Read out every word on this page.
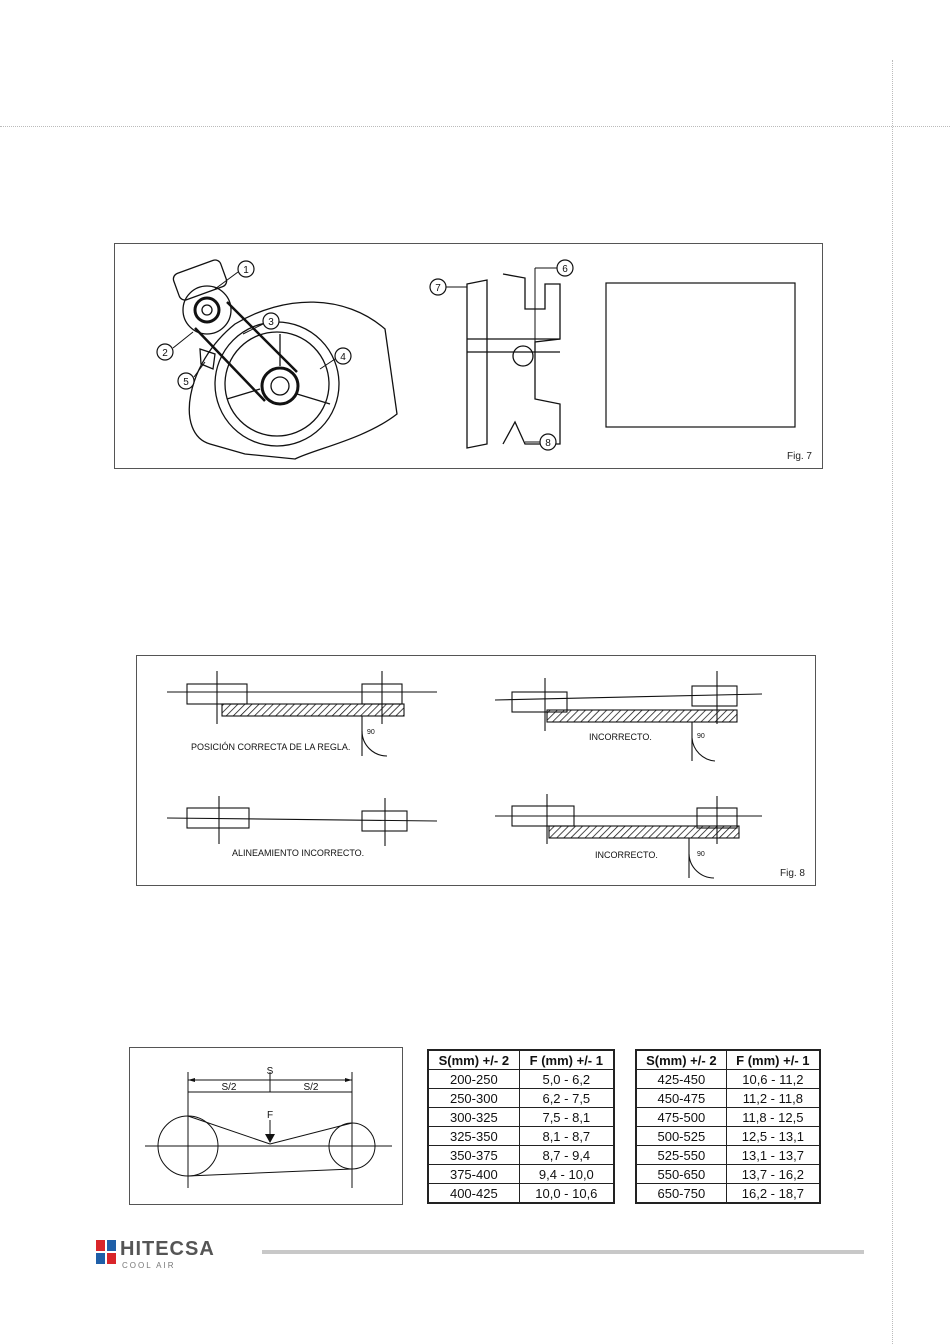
1
2
3
4
5
6
7
8
Fig. 7
POSICIÓN CORRECTA DE LA REGLA.
INCORRECTO.
ALINEAMIENTO INCORRECTO.	INCORRECTO.
90
90
90
Fig. 8
S
S/2	S/2
F
S(mm) +/- 2	F (mm) +/- 1
200-250	5,0 - 6,2
250-300	6,2 - 7,5
300-325	7,5 - 8,1
325-350	8,1 - 8,7
350-375	8,7 - 9,4
375-400	9,4 - 10,0
400-425	10,0 - 10,6
S(mm) +/- 2	F (mm) +/- 1
425-450	10,6 - 11,2
450-475	11,2 - 11,8
475-500	11,8 - 12,5
500-525	12,5 - 13,1
525-550	13,1 - 13,7
550-650	13,7 - 16,2
650-750	16,2 - 18,7
HITECSA
COOL AIR
